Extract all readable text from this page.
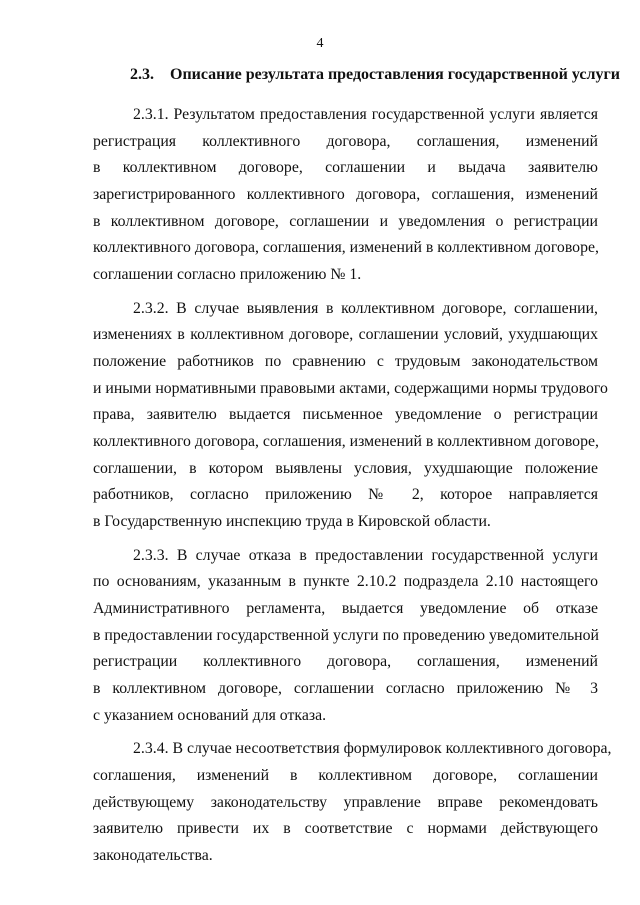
4
2.3. Описание результата предоставления государственной услуги
2.3.1. Результатом предоставления государственной услуги является
регистрация коллективного договора, соглашения, изменений
в коллективном договоре, соглашении и выдача заявителю
зарегистрированного коллективного договора, соглашения, изменений
в коллективном договоре, соглашении и уведомления о регистрации
коллективного договора, соглашения, изменений в коллективном договоре,
соглашении согласно приложению № 1.
2.3.2. В случае выявления в коллективном договоре, соглашении,
изменениях в коллективном договоре, соглашении условий, ухудшающих
положение работников по сравнению с трудовым законодательством
и иными нормативными правовыми актами, содержащими нормы трудового
права, заявителю выдается письменное уведомление о регистрации
коллективного договора, соглашения, изменений в коллективном договоре,
соглашении, в котором выявлены условия, ухудшающие положение
работников, согласно приложению № 2, которое направляется
в Государственную инспекцию труда в Кировской области.
2.3.3. В случае отказа в предоставлении государственной услуги
по основаниям, указанным в пункте 2.10.2 подраздела 2.10 настоящего
Административного регламента, выдается уведомление об отказе
в предоставлении государственной услуги по проведению уведомительной
регистрации коллективного договора, соглашения, изменений
в коллективном договоре, соглашении согласно приложению № 3
с указанием оснований для отказа.
2.3.4. В случае несоответствия формулировок коллективного договора,
соглашения, изменений в коллективном договоре, соглашении
действующему законодательству управление вправе рекомендовать
заявителю привести их в соответствие с нормами действующего
законодательства.
